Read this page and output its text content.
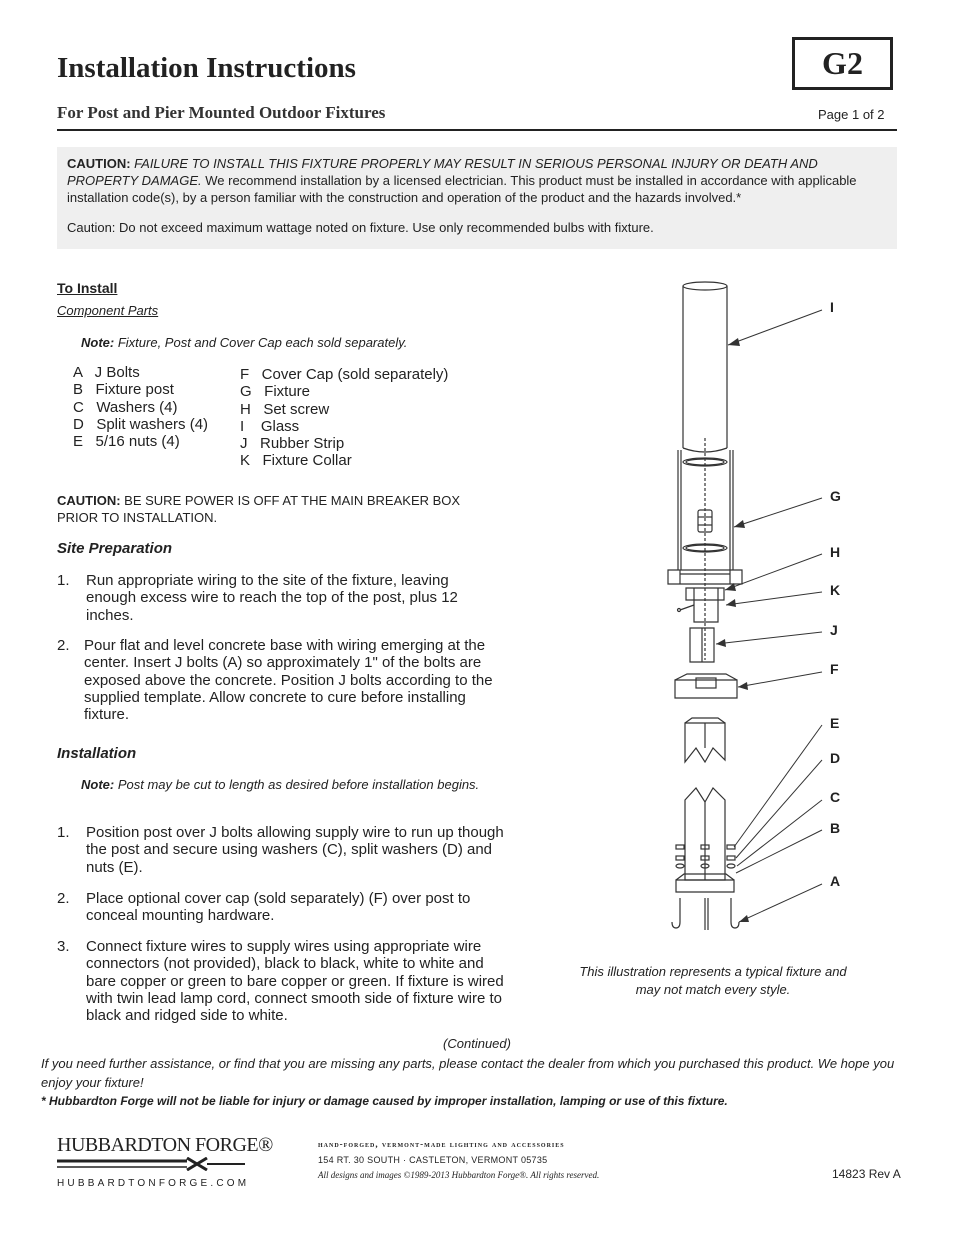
Installation Instructions
For Post and Pier Mounted Outdoor Fixtures
G2
Page 1 of 2

CAUTION: FAILURE TO INSTALL THIS FIXTURE PROPERLY MAY RESULT IN SERIOUS PERSONAL INJURY OR DEATH AND PROPERTY DAMAGE. We recommend installation by a licensed electrician. This product must be installed in accordance with applicable installation code(s), by a person familiar with the construction and operation of the product and the hazards involved.*

Caution: Do not exceed maximum wattage noted on fixture. Use only recommended bulbs with fixture.

To Install
Component Parts
Note: Fixture, Post and Cover Cap each sold separately.
A   J Bolts
B   Fixture post
C   Washers (4)
D   Split washers (4)
E   5/16 nuts (4)
F   Cover Cap (sold separately)
G   Fixture
H   Set screw
I    Glass
J   Rubber Strip
K   Fixture Collar
CAUTION: BE SURE POWER IS OFF AT THE MAIN BREAKER BOX PRIOR TO INSTALLATION.
Site Preparation
1. Run appropriate wiring to the site of the fixture, leaving enough excess wire to reach the top of the post, plus 12 inches.
2. Pour flat and level concrete base with wiring emerging at the center. Insert J bolts (A) so approximately 1" of the bolts are exposed above the concrete. Position J bolts according to the supplied template. Allow concrete to cure before installing fixture.
Installation
Note: Post may be cut to length as desired before installation begins.
1. Position post over J bolts allowing supply wire to run up though the post and secure using washers (C), split washers (D) and nuts (E).
2. Place optional cover cap (sold separately) (F) over post to conceal mounting hardware.
3. Connect fixture wires to supply wires using appropriate wire connectors (not provided), black to black, white to white and bare copper or green to bare copper or green. If fixture is wired with twin lead lamp cord, connect smooth side of fixture wire to black and ridged side to white.
I
G
H
K
J
F
E
D
C
B
A
This illustration represents a typical fixture and may not match every style.
(Continued)
If you need further assistance, or find that you are missing any parts, please contact the dealer from which you purchased this product. We hope you enjoy your fixture!
* Hubbardton Forge will not be liable for injury or damage caused by improper installation, lamping or use of this fixture.
HUBBARDTON FORGE®
HUBBARDTONFORGE.COM
hand-forged, vermont-made lighting and accessories
154 RT. 30 SOUTH · CASTLETON, VERMONT 05735
All designs and images ©1989-2013 Hubbardton Forge®. All rights reserved.	14823 Rev A
